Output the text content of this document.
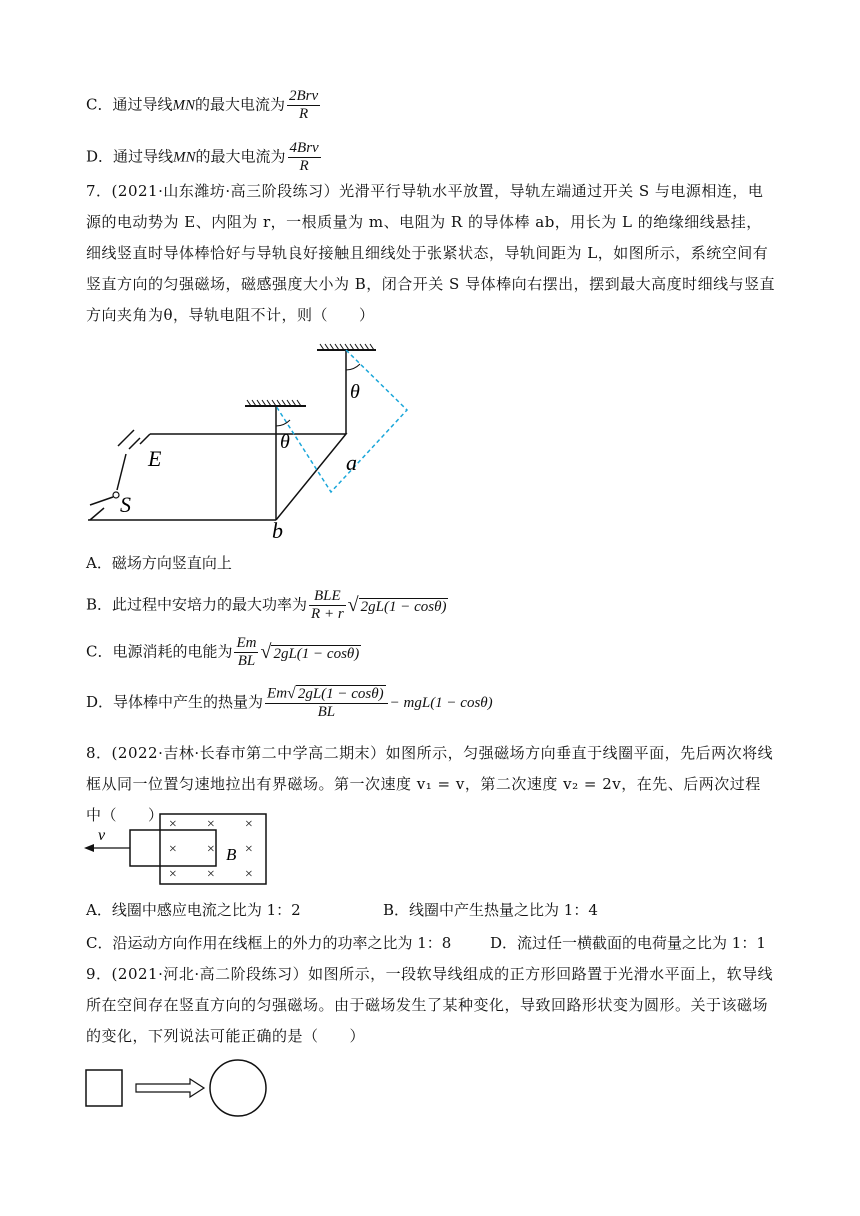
C．通过导线MN的最大电流为 $\frac{\text{2Brv}}{R}$
D．通过导线MN的最大电流为 $\frac{\text{4Brv}}{R}$
7．(2021·山东潍坊·高三阶段练习）光滑平行导轨水平放置，导轨左端通过开关 S 与电源相连，电源的电动势为 E、内阻为 r，一根质量为 m、电阻为 R 的导体棒 ab，用长为 L 的绝缘细线悬挂，细线竖直时导体棒恰好与导轨良好接触且细线处于张紧状态，导轨间距为 L，如图所示，系统空间有竖直方向的匀强磁场，磁感强度大小为 B，闭合开关 S 导体棒向右摆出，摆到最大高度时细线与竖直方向夹角为θ，导轨电阻不计，则（　　）
θ
θ
a
b
E
S
A．磁场方向竖直向上
B．此过程中安培力的最大功率为 $\frac{\text{BLE}}{R + r}$ √ 2gL(1 − cosθ)
C．电源消耗的电能为 $\frac{Em}{BL}$ √ 2gL(1 − cosθ)
D．导体棒中产生的热量为 $\frac{Em√ 2gL(1 - \cos\theta)}{BL} - mgL(1 - \cos\theta)$
8．(2022·吉林·长春市第二中学高二期末）如图所示，匀强磁场方向垂直于线圈平面，先后两次将线框从同一位置匀速地拉出有界磁场。第一次速度 v₁ = v，第二次速度 v₂ = 2v，在先、后两次过程中（　　）
v
B
× × ×
× × ×
× × ×
A．线圈中感应电流之比为 1：2	B．线圈中产生热量之比为 1：4
C．沿运动方向作用在线框上的外力的功率之比为 1：8	D．流过任一横截面的电荷量之比为 1：1
9．(2021·河北·高二阶段练习）如图所示，一段软导线组成的正方形回路置于光滑水平面上，软导线所在空间存在竖直方向的匀强磁场。由于磁场发生了某种变化，导致回路形状变为圆形。关于该磁场的变化，下列说法可能正确的是（　　）
